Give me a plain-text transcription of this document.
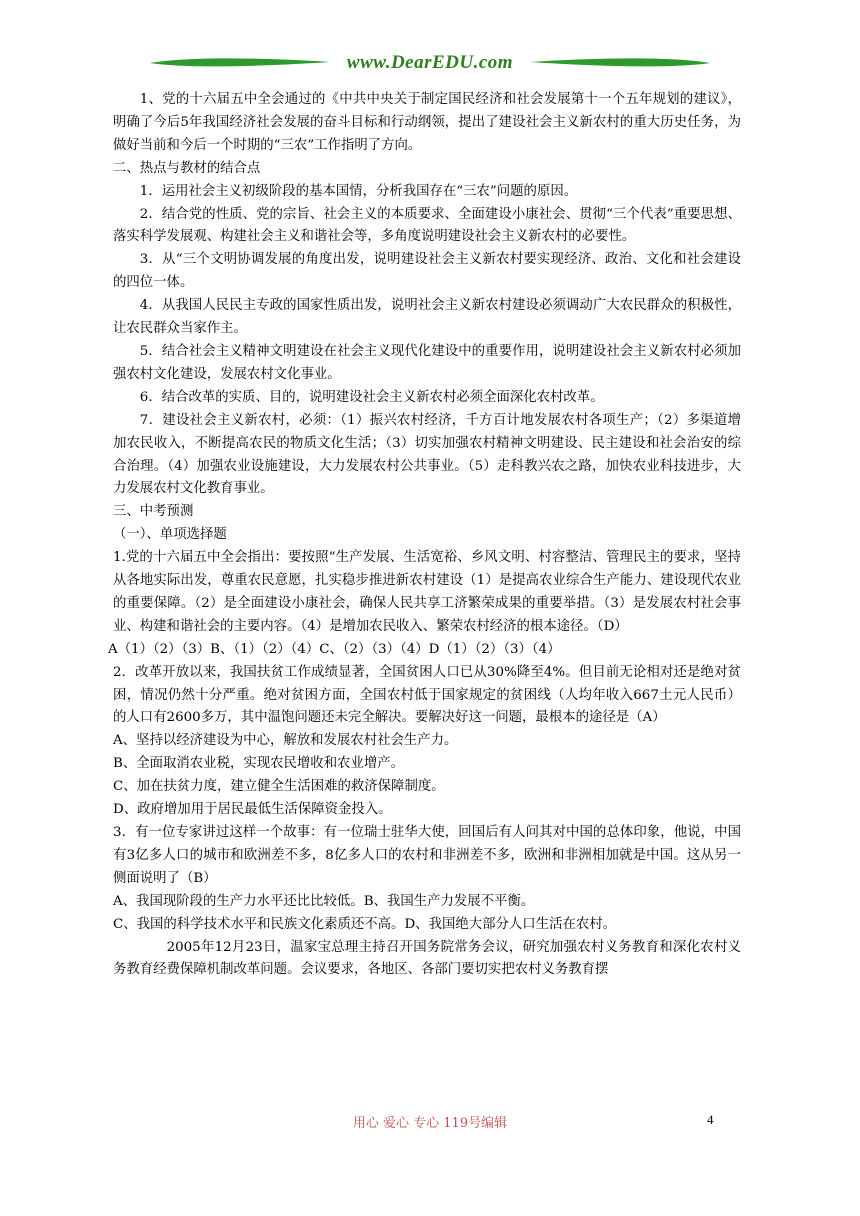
www.DearEDU.com

1、党的十六届五中全会通过的《中共中央关于制定国民经济和社会发展第十一个五年规划的建议》，明确了今后5年我国经济社会发展的奋斗目标和行动纲领，提出了建设社会主义新农村的重大历史任务，为做好当前和今后一个时期的“三农”工作指明了方向。

二、热点与教材的结合点

1．运用社会主义初级阶段的基本国情，分析我国存在“三农”问题的原因。

2．结合党的性质、党的宗旨、社会主义的本质要求、全面建设小康社会、贯彻“三个代表”重要思想、落实科学发展观、构建社会主义和谐社会等，多角度说明建设社会主义新农村的必要性。

3．从“三个文明协调发展的角度出发，说明建设社会主义新农村要实现经济、政治、文化和社会建设的四位一体。

4．从我国人民民主专政的国家性质出发，说明社会主义新农村建设必须调动广大农民群众的积极性，让农民群众当家作主。

5．结合社会主义精神文明建设在社会主义现代化建设中的重要作用，说明建设社会主义新农村必须加强农村文化建设，发展农村文化事业。

6．结合改革的实质、目的，说明建设社会主义新农村必须全面深化农村改革。

7．建设社会主义新农村，必须：（1）振兴农村经济，千方百计地发展农村各项生产；（2）多渠道增加农民收入，不断提高农民的物质文化生活；（3）切实加强农村精神文明建设、民主建设和社会治安的综合治理。（4）加强农业设施建设，大力发展农村公共事业。（5）走科教兴农之路，加快农业科技进步，大力发展农村文化教育事业。

三、中考预测

（一）、单项选择题

1.党的十六届五中全会指出：要按照“生产发展、生活宽裕、乡风文明、村容整洁、管理民主的要求，坚持从各地实际出发，尊重农民意愿，扎实稳步推进新农村建设（1）是提高农业综合生产能力、建设现代农业的重要保障。（2）是全面建设小康社会，确保人民共享工济繁荣成果的重要举措。（3）是发展农村社会事业、构建和谐社会的主要内容。（4）是增加农民收入、繁荣农村经济的根本途径。（D）

A（1）（2）（3）B、（1）（2）（4）C、（2）（3）（4）D（1）（2）（3）（4）

2．改革开放以来，我国扶贫工作成绩显著，全国贫困人口已从30%降至4%。但目前无论相对还是绝对贫困，情况仍然十分严重。绝对贫困方面，全国农村低于国家规定的贫困线（人均年收入667土元人民币）的人口有2600多万，其中温饱问题还未完全解决。要解决好这一问题，最根本的途径是（A）

A、坚持以经济建设为中心，解放和发展农村社会生产力。

B、全面取消农业税，实现农民增收和农业增产。

C、加在扶贫力度，建立健全生活困难的救济保障制度。

D、政府增加用于居民最低生活保障资金投入。

3．有一位专家讲过这样一个故事：有一位瑞士驻华大使，回国后有人问其对中国的总体印象，他说，中国有3亿多人口的城市和欧洲差不多，8亿多人口的农村和非洲差不多，欧洲和非洲相加就是中国。这从另一侧面说明了（B）

A、我国现阶段的生产力水平还比比较低。B、我国生产力发展不平衡。

C、我国的科学技术水平和民族文化素质还不高。D、我国绝大部分人口生活在农村。

2005年12月23日，温家宝总理主持召开国务院常务会议，研究加强农村义务教育和深化农村义务教育经费保障机制改革问题。会议要求，各地区、各部门要切实把农村义务教育摆

用心 爱心 专心 119号编辑	4
